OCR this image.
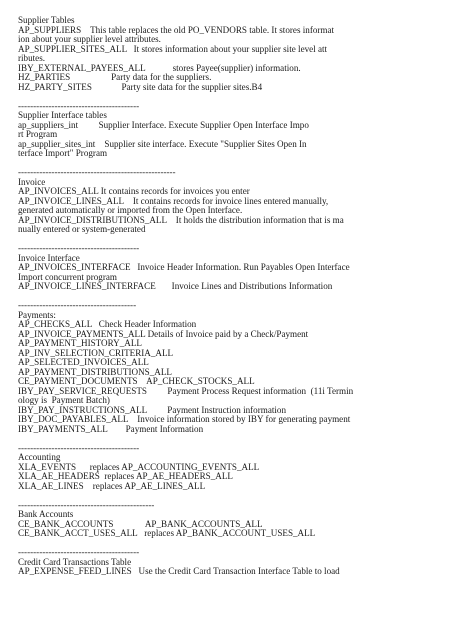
Supplier Tables
AP_SUPPLIERS    This table replaces the old PO_VENDORS table. It stores informat
ion about your supplier level attributes.
AP_SUPPLIER_SITES_ALL   It stores information about your supplier site level att
ributes.
IBY_EXTERNAL_PAYEES_ALL            stores Payee(supplier) information.
HZ_PARTIES                  Party data for the suppliers.
HZ_PARTY_SITES             Party site data for the supplier sites.B4

----------------------------------------
Supplier Interface tables
ap_suppliers_int         Supplier Interface. Execute Supplier Open Interface Impo
rt Program
ap_supplier_sites_int    Supplier site interface. Execute "Supplier Sites Open In
terface Import" Program

----------------------------------------------------
Invoice
AP_INVOICES_ALL It contains records for invoices you enter
AP_INVOICE_LINES_ALL    It contains records for invoice lines entered manually,
generated automatically or imported from the Open Interface.
AP_INVOICE_DISTRIBUTIONS_ALL    It holds the distribution information that is ma
nually entered or system-generated

----------------------------------------
Invoice Interface
AP_INVOICES_INTERFACE   Invoice Header Information. Run Payables Open Interface
Import concurrent program
AP_INVOICE_LINES_INTERFACE       Invoice Lines and Distributions Information

---------------------------------------
Payments:
AP_CHECKS_ALL   Check Header Information
AP_INVOICE_PAYMENTS_ALL Details of Invoice paid by a Check/Payment
AP_PAYMENT_HISTORY_ALL
AP_INV_SELECTION_CRITERIA_ALL
AP_SELECTED_INVOICES_ALL
AP_PAYMENT_DISTRIBUTIONS_ALL
CE_PAYMENT_DOCUMENTS    AP_CHECK_STOCKS_ALL
IBY_PAY_SERVICE_REQUESTS         Payment Process Request information  (11i Termin
ology is  Payment Batch)
IBY_PAY_INSTRUCTIONS_ALL         Payment Instruction information
IBY_DOC_PAYABLES_ALL    Invoice information stored by IBY for generating payment
IBY_PAYMENTS_ALL        Payment Information

----------------------------------------
Accounting
XLA_EVENTS      replaces AP_ACCOUNTING_EVENTS_ALL
XLA_AE_HEADERS  replaces AP_AE_HEADERS_ALL
XLA_AE_LINES    replaces AP_AE_LINES_ALL

---------------------------------------------
Bank Accounts
CE_BANK_ACCOUNTS              AP_BANK_ACCOUNTS_ALL
CE_BANK_ACCT_USES_ALL   replaces AP_BANK_ACCOUNT_USES_ALL

----------------------------------------
Credit Card Transactions Table
AP_EXPENSE_FEED_LINES   Use the Credit Card Transaction Interface Table to load
